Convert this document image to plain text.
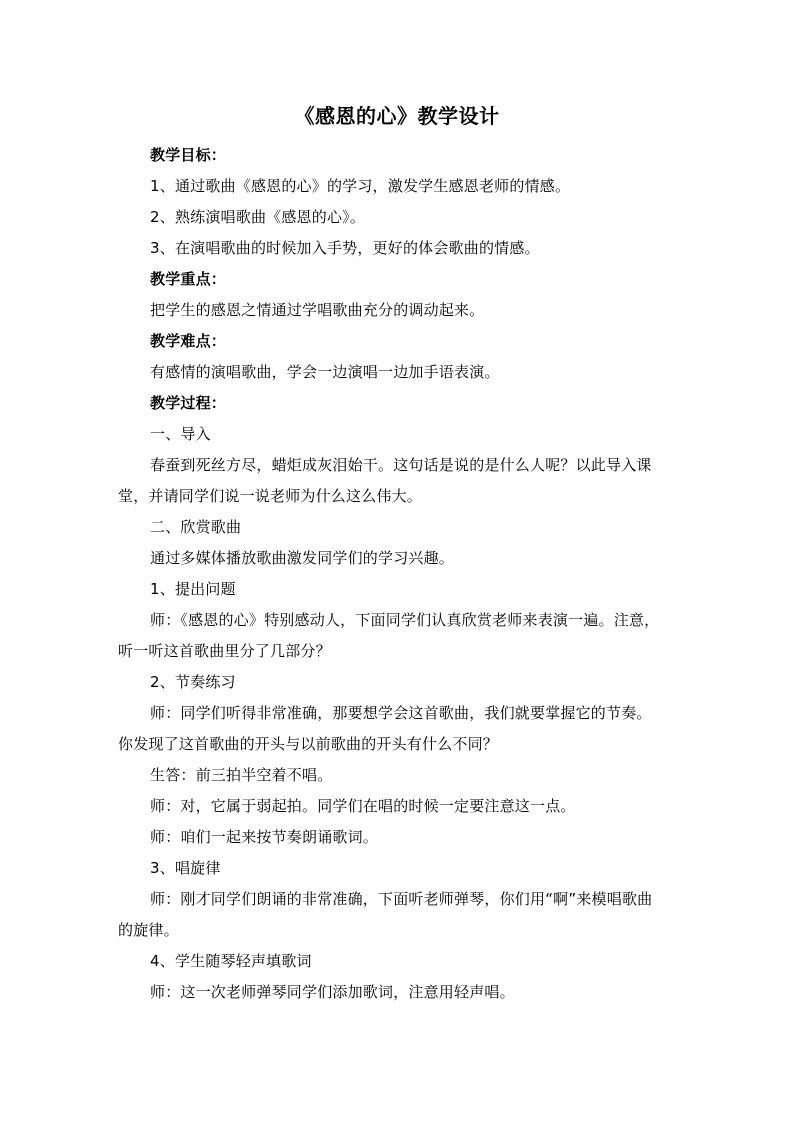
《感恩的心》教学设计

教学目标：

1、通过歌曲《感恩的心》的学习，激发学生感恩老师的情感。

2、熟练演唱歌曲《感恩的心》。

3、在演唱歌曲的时候加入手势，更好的体会歌曲的情感。

教学重点：

把学生的感恩之情通过学唱歌曲充分的调动起来。

教学难点：

有感情的演唱歌曲，学会一边演唱一边加手语表演。

教学过程：

一、导入

春蚕到死丝方尽，蜡炬成灰泪始干。这句话是说的是什么人呢？以此导入课堂，并请同学们说一说老师为什么这么伟大。

二、欣赏歌曲

通过多媒体播放歌曲激发同学们的学习兴趣。

1、提出问题

师：《感恩的心》特别感动人，下面同学们认真欣赏老师来表演一遍。注意，听一听这首歌曲里分了几部分？

2、节奏练习

师：同学们听得非常准确，那要想学会这首歌曲，我们就要掌握它的节奏。你发现了这首歌曲的开头与以前歌曲的开头有什么不同？

生答：前三拍半空着不唱。

师：对，它属于弱起拍。同学们在唱的时候一定要注意这一点。

师：咱们一起来按节奏朗诵歌词。

3、唱旋律

师：刚才同学们朗诵的非常准确，下面听老师弹琴，你们用“啊”来模唱歌曲的旋律。

4、学生随琴轻声填歌词

师：这一次老师弹琴同学们添加歌词，注意用轻声唱。
